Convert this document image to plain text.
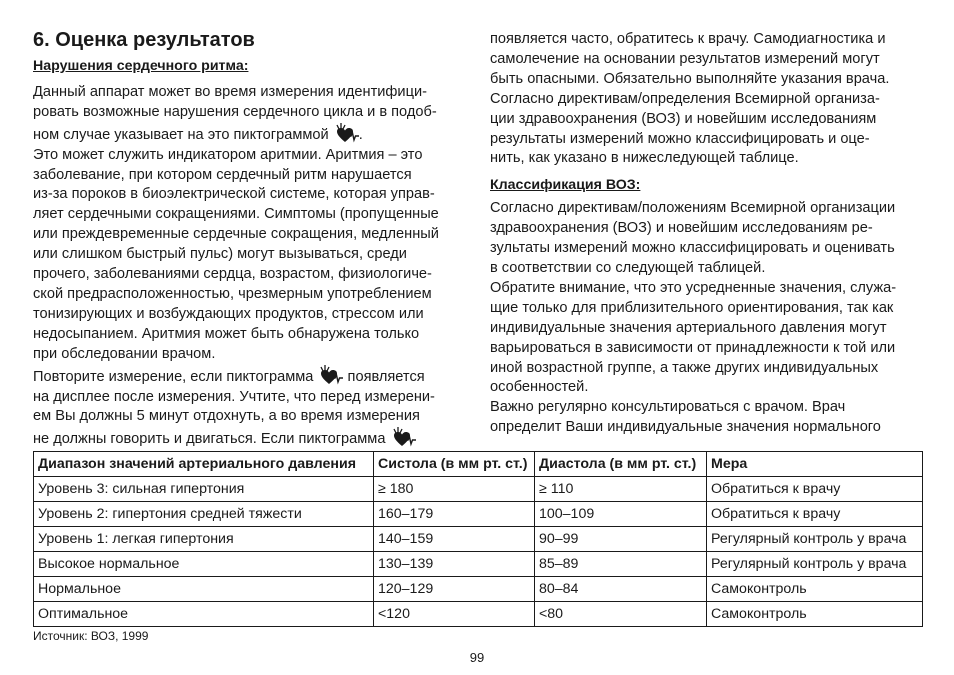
6. Оценка результатов
Нарушения сердечного ритма:
Данный аппарат может во время измерения идентифици-
ровать возможные нарушения сердечного цикла и в подоб-
ном случае указывает на это пиктограммой .
Это может служить индикатором аритмии. Аритмия – это
заболевание, при котором сердечный ритм нарушается
из-за пороков в биоэлектрической системе, которая управ-
ляет сердечными сокращениями. Симптомы (пропущенные
или преждевременные сердечные сокращения, медленный
или слишком быстрый пульс) могут вызываться, среди
прочего, заболеваниями сердца, возрастом, физиологиче-
ской предрасположенностью, чрезмерным употреблением
тонизирующих и возбуждающих продуктов, стрессом или
недосыпанием. Аритмия может быть обнаружена только
при обследовании врачом.
Повторите измерение, если пиктограмма появляется
на дисплее после измерения. Учтите, что перед измерени-
ем Вы должны 5 минут отдохнуть, а во время измерения
не должны говорить и двигаться. Если пиктограмма
появляется часто, обратитесь к врачу. Самодиагностика и
самолечение на основании результатов измерений могут
быть опасными. Обязательно выполняйте указания врача.
Согласно директивам/определения Всемирной организа-
ции здравоохранения (ВОЗ) и новейшим исследованиям
результаты измерений можно классифицировать и оце-
нить, как указано в нижеследующей таблице.
Классификация ВОЗ:
Согласно директивам/положениям Всемирной организации
здравоохранения (ВОЗ) и новейшим исследованиям ре-
зультаты измерений можно классифицировать и оценивать
в соответствии со следующей таблицей.
Обратите внимание, что это усредненные значения, служа-
щие только для приблизительного ориентирования, так как
индивидуальные значения артериального давления могут
варьироваться в зависимости от принадлежности к той или
иной возрастной группе, а также других индивидуальных
особенностей.
Важно регулярно консультироваться с врачом. Врач
определит Ваши индивидуальные значения нормального
Диапазон значений артериального давления	Систола (в мм рт. ст.)	Диастола (в мм рт. ст.)	Мера
Уровень 3: сильная гипертония	≥ 180	≥ 110	Обратиться к врачу
Уровень 2: гипертония средней тяжести	160–179	100–109	Обратиться к врачу
Уровень 1: легкая гипертония	140–159	90–99	Регулярный контроль у врача
Высокое нормальное	130–139	85–89	Регулярный контроль у врача
Нормальное	120–129	80–84	Самоконтроль
Оптимальное	<120	<80	Самоконтроль
Источник: ВОЗ, 1999
99
